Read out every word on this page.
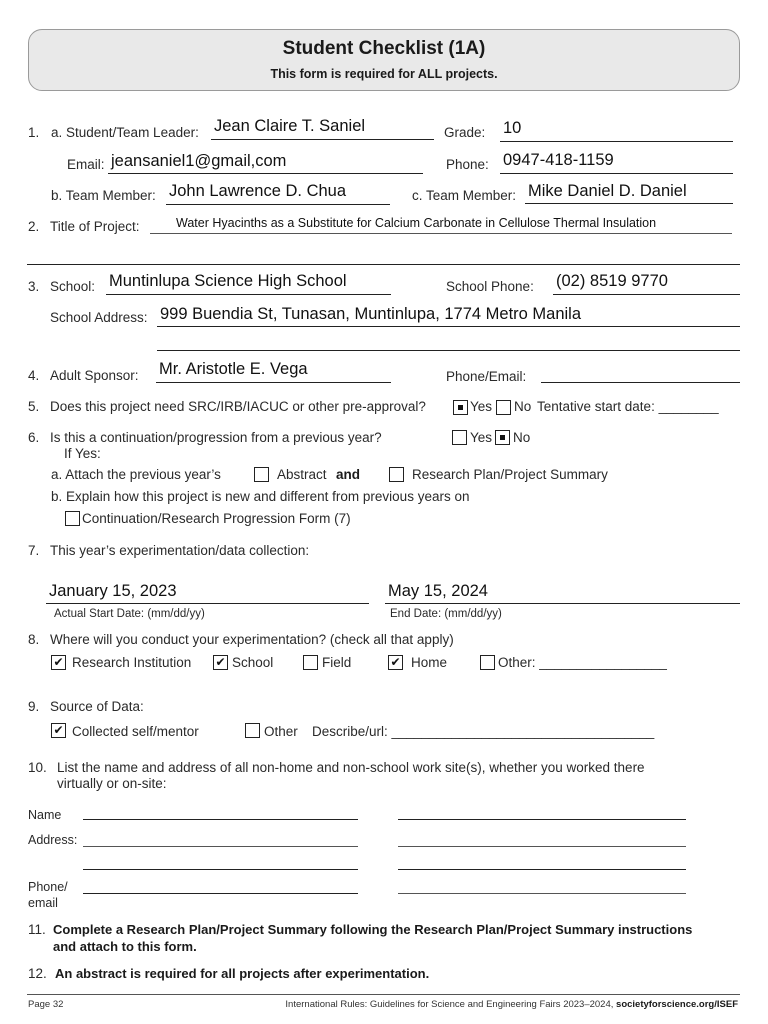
Student Checklist (1A)
This form is required for ALL projects.
1. a. Student/Team Leader: Jean Claire T. Saniel	Grade: 10
Email: jeansaniel1@gmail,com	Phone: 0947-418-1159
b. Team Member: John Lawrence D. Chua	c. Team Member: Mike Daniel D. Daniel
2. Title of Project:	Water Hyacinths as a Substitute for Calcium Carbonate in Cellulose Thermal Insulation
3. School: Muntinlupa Science High School	School Phone: (02) 8519 9770
School Address: 999 Buendia St, Tunasan, Muntinlupa, 1774 Metro Manila
4. Adult Sponsor: Mr. Aristotle E. Vega	Phone/Email:
5. Does this project need SRC/IRB/IACUC or other pre-approval?	Yes No Tentative start date: ________
6. Is this a continuation/progression from a previous year?	Yes No
If Yes:
a. Attach the previous year’s	Abstract and	Research Plan/Project Summary
b. Explain how this project is new and different from previous years on
Continuation/Research Progression Form (7)
7. This year’s experimentation/data collection:
January 15, 2023
Actual Start Date: (mm/dd/yy)
May 15, 2024
End Date: (mm/dd/yy)
8. Where will you conduct your experimentation? (check all that apply)
✔ Research Institution ✔ School	Field	✔ Home	Other: _________________
9. Source of Data:
✔ Collected self/mentor	Other Describe/url: ___________________________________
10. List the name and address of all non-home and non-school work site(s), whether you worked there
virtually or on-site:
Name
Address:
Phone/
email
11. Complete a Research Plan/Project Summary following the Research Plan/Project Summary instructions
and attach to this form.
12. An abstract is required for all projects after experimentation.
Page 32	International Rules: Guidelines for Science and Engineering Fairs 2023–2024, societyforscience.org/ISEF
